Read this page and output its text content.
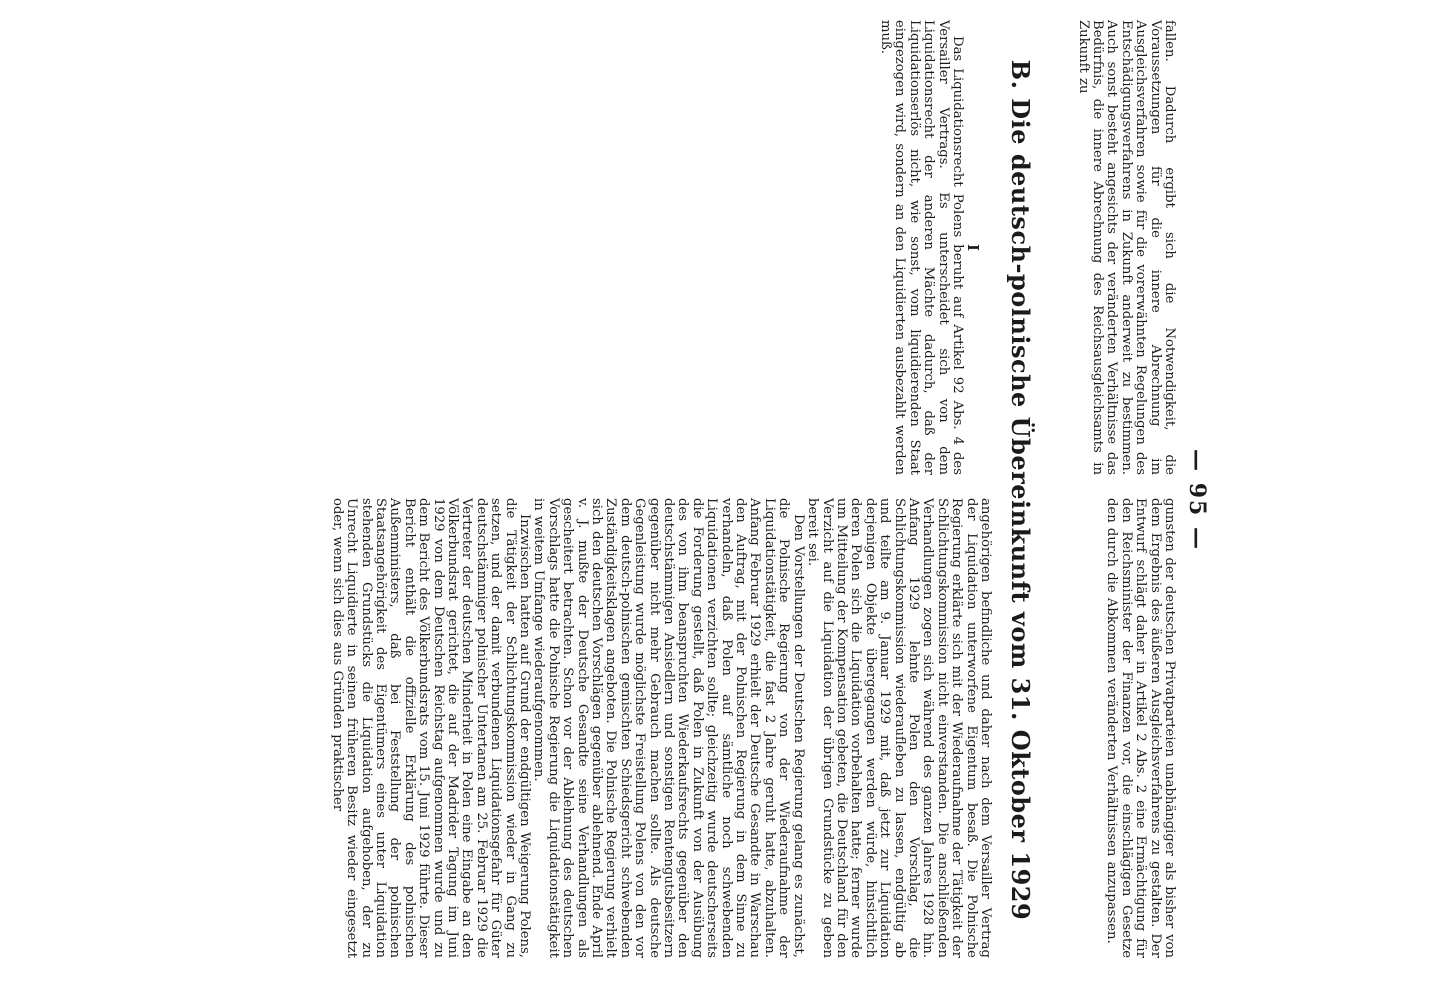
— 95 —

fallen. Dadurch ergibt sich die Notwendigkeit, die Voraussetzungen für die innere Abrechnung im Ausgleichsverfahren sowie für die vorerwähnten Regelungen des Entschädigungsverfahrens in Zukunft anderweit zu bestimmen. Auch sonst besteht angesichts der veränderten Verhältnisse das Bedürfnis, die innere Abrechnung des Reichsausgleichsamts in Zukunft zu

gunsten der deutschen Privatparteien unabhängiger als bisher von dem Ergebnis des äußeren Ausgleichsverfahrens zu gestalten. Der Entwurf schlägt daher in Artikel 2 Abs. 2 eine Ermächtigung für den Reichsminister der Finanzen vor, die einschlägigen Gesetze den durch die Abkommen veränderten Verhältnissen anzupassen.

B. Die deutsch-polnische Übereinkunft vom 31. Oktober 1929
I

Das Liquidationsrecht Polens beruht auf Artikel 92 Abs. 4 des Versailler Vertrags. Es unterscheidet sich von dem Liquidationsrecht der anderen Mächte dadurch, daß der Liquidationserlös nicht, wie sonst, vom liquidierenden Staat eingezogen wird, sondern an den Liquidierten ausbezahlt werden muß.

angehörigen befindliche und daher nach dem Versailler Vertrag der Liquidation unterworfene Eigentum besaß. Die Polnische Regierung erklärte sich mit der Wiederaufnahme der Tätigkeit der Schlichtungskommission nicht einverstanden. Die anschließenden Verhandlungen zogen sich während des ganzen Jahres 1928 hin. Anfang 1929 lehnte Polen den Vorschlag, die Schlichtungskommission wiederaufleben zu lassen, endgültig ab und teilte am 9. Januar 1929 mit, daß jetzt zur Liquidation derjenigen Objekte übergegangen werden würde, hinsichtlich deren Polen sich die Liquidation vorbehalten hatte; ferner wurde um Mitteilung der Kompensation gebeten, die Deutschland für den Verzicht auf die Liquidation der übrigen Grundstücke zu geben bereit sei.

Den Vorstellungen der Deutschen Regierung gelang es zunächst, die Polnische Regierung von der Wiederaufnahme der Liquidationstätigkeit, die fast 2 Jahre geruht hatte, abzuhalten. Anfang Februar 1929 erhielt der Deutsche Gesandte in Warschau den Auftrag, mit der Polnischen Regierung in dem Sinne zu verhandeln, daß Polen auf sämtliche noch schwebenden Liquidationen verzichten sollte; gleichzeitig wurde deutscherseits die Forderung gestellt, daß Polen in Zukunft von der Ausübung des von ihm beanspruchten Wiederkaufsrechts gegenüber den deutschstämmigen Ansiedlern und sonstigen Rentengutsbesitzern gegenüber nicht mehr Gebrauch machen sollte. Als deutsche Gegenleistung wurde möglichste Freistellung Polens von den vor dem deutsch-polnischen gemischten Schiedsgericht schwebenden Zuständigkeitsklagen angeboten. Die Polnische Regierung verhielt sich den deutschen Vorschlägen gegenüber ablehnend. Ende April v. J. mußte der Deutsche Gesandte seine Verhandlungen als gescheitert betrachten. Schon vor der Ablehnung des deutschen Vorschlags hatte die Polnische Regierung die Liquidationstätigkeit in weitem Umfange wiederaufgenommen.

Inzwischen hatten auf Grund der endgültigen Weigerung Polens, die Tätigkeit der Schlichtungskommission wieder in Gang zu setzen, und der damit verbundenen Liquidationsgefahr für Güter deutschstämmiger polnischer Untertanen am 25. Februar 1929 die Vertreter der deutschen Minderheit in Polen eine Eingabe an den Völkerbundsrat gerichtet, die auf der Madrider Tagung im Juni 1929 von dem Deutschen Reichstag aufgenommen wurde und zu dem Bericht des Völkerbundsrats vom 15. Juni 1929 führte. Dieser Bericht enthält die offizielle Erklärung des polnischen Außenministers, daß bei Feststellung der polnischen Staatsangehörigkeit des Eigentümers eines unter Liquidation stehenden Grundstücks die Liquidation aufgehoben, der zu Unrecht Liquidierte in seinen früheren Besitz wieder eingesetzt oder, wenn sich dies aus Gründen praktischer
